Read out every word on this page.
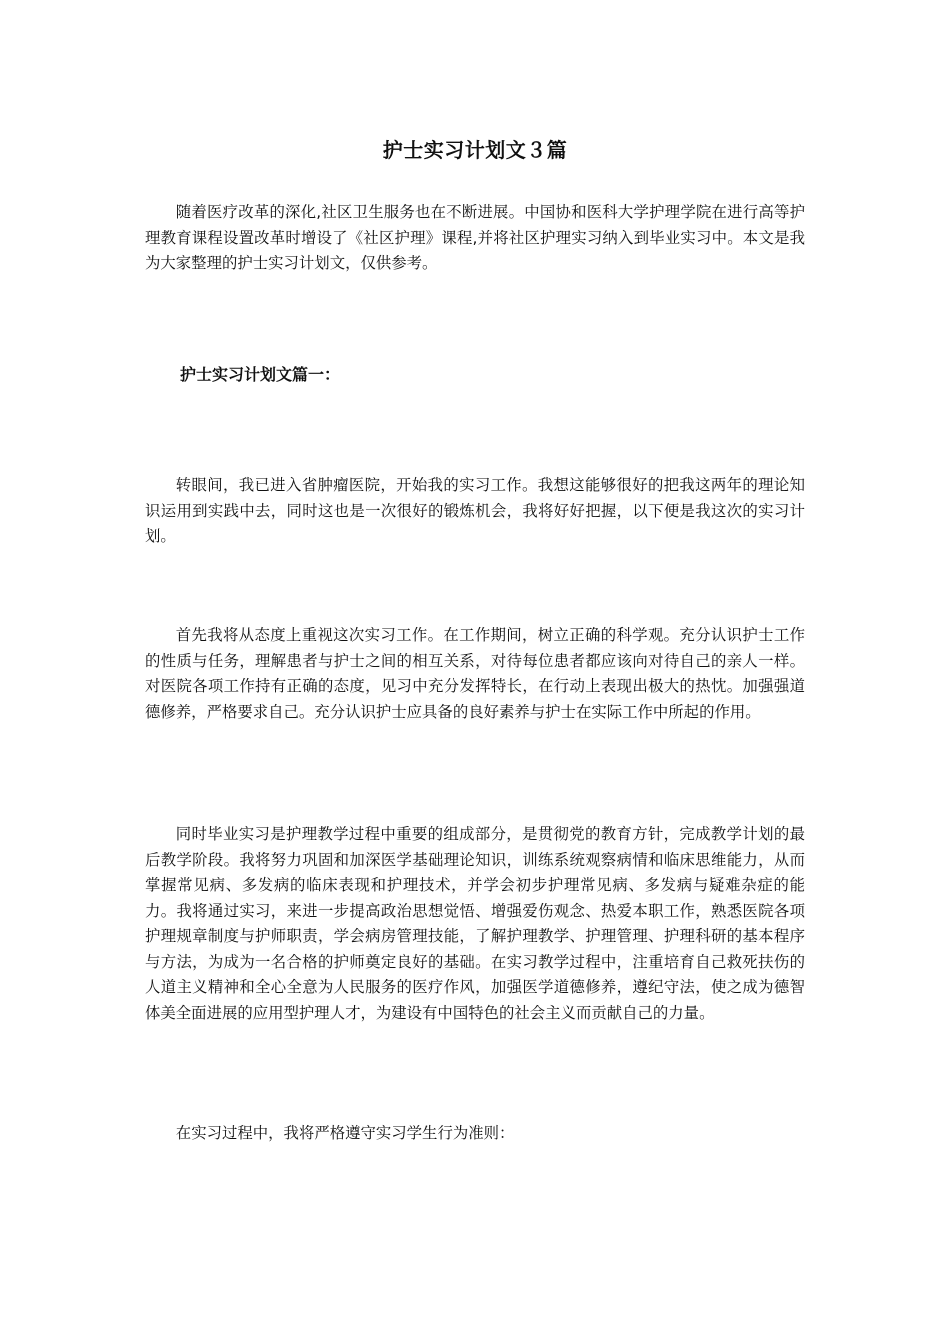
护士实习计划文３篇

随着医疗改革的深化,社区卫生服务也在不断进展。中国协和医科大学护理学院在进行高等护理教育课程设置改革时增设了《社区护理》课程,并将社区护理实习纳入到毕业实习中。本文是我为大家整理的护士实习计划文，仅供参考。

护士实习计划文篇一：

转眼间，我已进入省肿瘤医院，开始我的实习工作。我想这能够很好的把我这两年的理论知识运用到实践中去，同时这也是一次很好的锻炼机会，我将好好把握，以下便是我这次的实习计划。

首先我将从态度上重视这次实习工作。在工作期间，树立正确的科学观。充分认识护士工作的性质与任务，理解患者与护士之间的相互关系，对待每位患者都应该向对待自己的亲人一样。对医院各项工作持有正确的态度，见习中充分发挥特长，在行动上表现出极大的热忱。加强强道德修养，严格要求自己。充分认识护士应具备的良好素养与护士在实际工作中所起的作用。

同时毕业实习是护理教学过程中重要的组成部分，是贯彻党的教育方针，完成教学计划的最后教学阶段。我将努力巩固和加深医学基础理论知识，训练系统观察病情和临床思维能力，从而掌握常见病、多发病的临床表现和护理技术，并学会初步护理常见病、多发病与疑难杂症的能力。我将通过实习，来进一步提高政治思想觉悟、增强爱伤观念、热爱本职工作，熟悉医院各项护理规章制度与护师职责，学会病房管理技能，了解护理教学、护理管理、护理科研的基本程序与方法，为成为一名合格的护师奠定良好的基础。在实习教学过程中，注重培育自己救死扶伤的人道主义精神和全心全意为人民服务的医疗作风，加强医学道德修养，遵纪守法，使之成为德智体美全面进展的应用型护理人才，为建设有中国特色的社会主义而贡献自己的力量。

在实习过程中，我将严格遵守实习学生行为准则：
